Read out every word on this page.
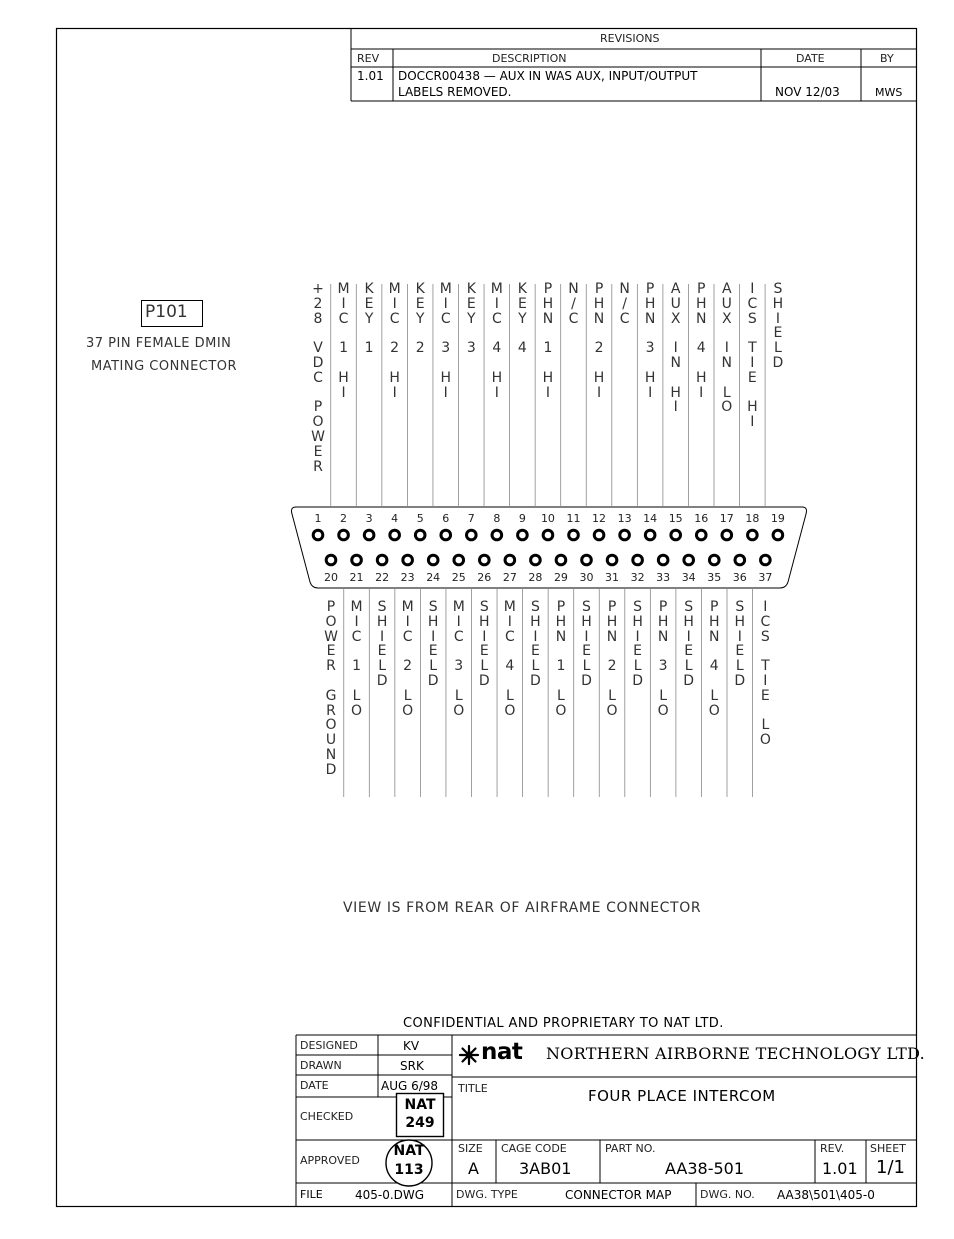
REVISIONS
REV	DESCRIPTION	DATE	BY
1.01 DOCCR00438 — AUX IN WAS AUX, INPUT/OUTPUT
LABELS REMOVED.	NOV 12/03	MWS
P101
37 PIN FEMALE DMIN
MATING CONNECTOR
+
2
8

V
D
C

P
O
W
E
R
1
M
I
C

1

H
I
2
K
E
Y

1
3
M
I
C

2

H
I
4
K
E
Y

2
5
M
I
C

3

H
I
6
K
E
Y

3
7
M
I
C

4

H
I
8
K
E
Y

4
9
P
H
N

1

H
I
10
N
/
C
11
P
H
N

2

H
I
12
N
/
C
13
P
H
N

3

H
I
14
A
U
X

I
N

H
I
15
P
H
N

4

H
I
16
A
U
X

I
N

L
O
17
I
C
S

T
I
E

H
I
18
S
H
I
E
L
D
19
P
O
W
E
R

G
R
O
U
N
D
20
M
I
C

1

L
O
21
S
H
I
E
L
D
22
M
I
C

2

L
O
23
S
H
I
E
L
D
24
M
I
C

3

L
O
25
S
H
I
E
L
D
26
M
I
C

4

L
O
27
S
H
I
E
L
D
28
P
H
N

1

L
O
29
S
H
I
E
L
D
30
P
H
N

2

L
O
31
S
H
I
E
L
D
32
P
H
N

3

L
O
33
S
H
I
E
L
D
34
P
H
N

4

L
O
35
S
H
I
E
L
D
36
I
C
S

T
I
E

L
O
37
VIEW IS FROM REAR OF AIRFRAME CONNECTOR
CONFIDENTIAL AND PROPRIETARY TO NAT LTD.
DESIGNED	KV
DRAWN	SRK
DATE	AUG 6/98
CHECKED
APPROVED
NAT
249
NAT
113
FILE	405-0.DWG
nat NORTHERN AIRBORNE TECHNOLOGY LTD.
TITLE	FOUR PLACE INTERCOM
SIZE
A
CAGE CODE
3AB01
PART NO.
AA38-501
REV.
1.01
SHEET
1/1
DWG. TYPE	CONNECTOR MAP	DWG. NO. AA38\501\405-0
